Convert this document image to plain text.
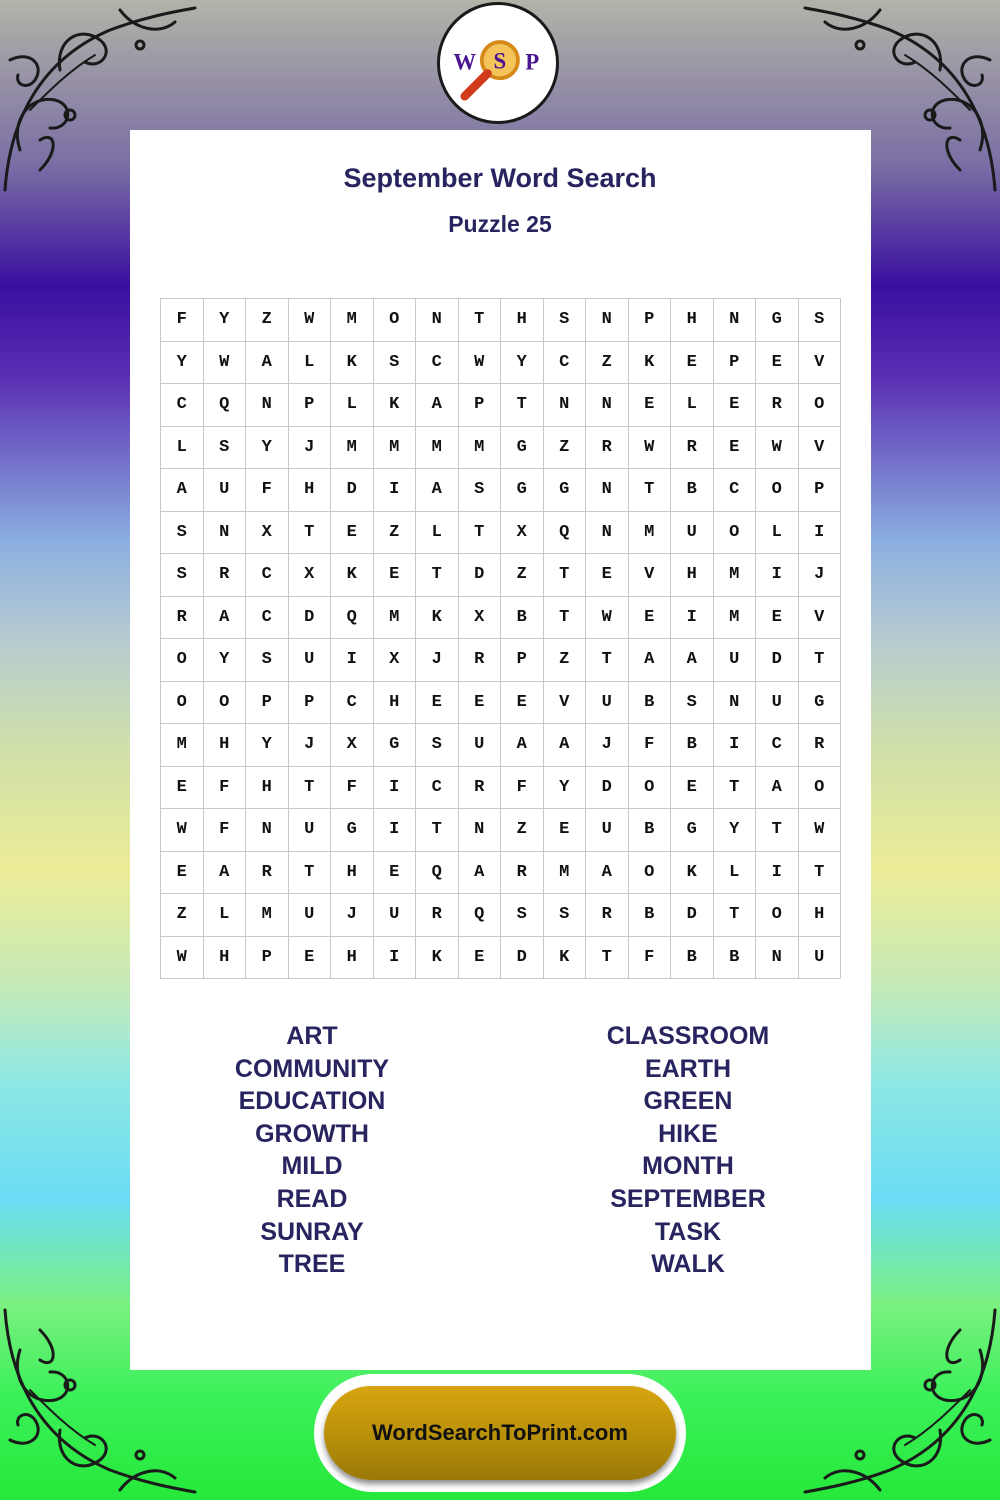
W S P
September Word Search
Puzzle 25
F	Y	Z	W	M	O	N	T	H	S	N	P	H	N	G	S
Y	W	A	L	K	S	C	W	Y	C	Z	K	E	P	E	V
C	Q	N	P	L	K	A	P	T	N	N	E	L	E	R	O
L	S	Y	J	M	M	M	M	G	Z	R	W	R	E	W	V
A	U	F	H	D	I	A	S	G	G	N	T	B	C	O	P
S	N	X	T	E	Z	L	T	X	Q	N	M	U	O	L	I
S	R	C	X	K	E	T	D	Z	T	E	V	H	M	I	J
R	A	C	D	Q	M	K	X	B	T	W	E	I	M	E	V
O	Y	S	U	I	X	J	R	P	Z	T	A	A	U	D	T
O	O	P	P	C	H	E	E	E	V	U	B	S	N	U	G
M	H	Y	J	X	G	S	U	A	A	J	F	B	I	C	R
E	F	H	T	F	I	C	R	F	Y	D	O	E	T	A	O
W	F	N	U	G	I	T	N	Z	E	U	B	G	Y	T	W
E	A	R	T	H	E	Q	A	R	M	A	O	K	L	I	T
Z	L	M	U	J	U	R	Q	S	S	R	B	D	T	O	H
W	H	P	E	H	I	K	E	D	K	T	F	B	B	N	U
ART
COMMUNITY
EDUCATION
GROWTH
MILD
READ
SUNRAY
TREE
CLASSROOM
EARTH
GREEN
HIKE
MONTH
SEPTEMBER
TASK
WALK
WordSearchToPrint.com
